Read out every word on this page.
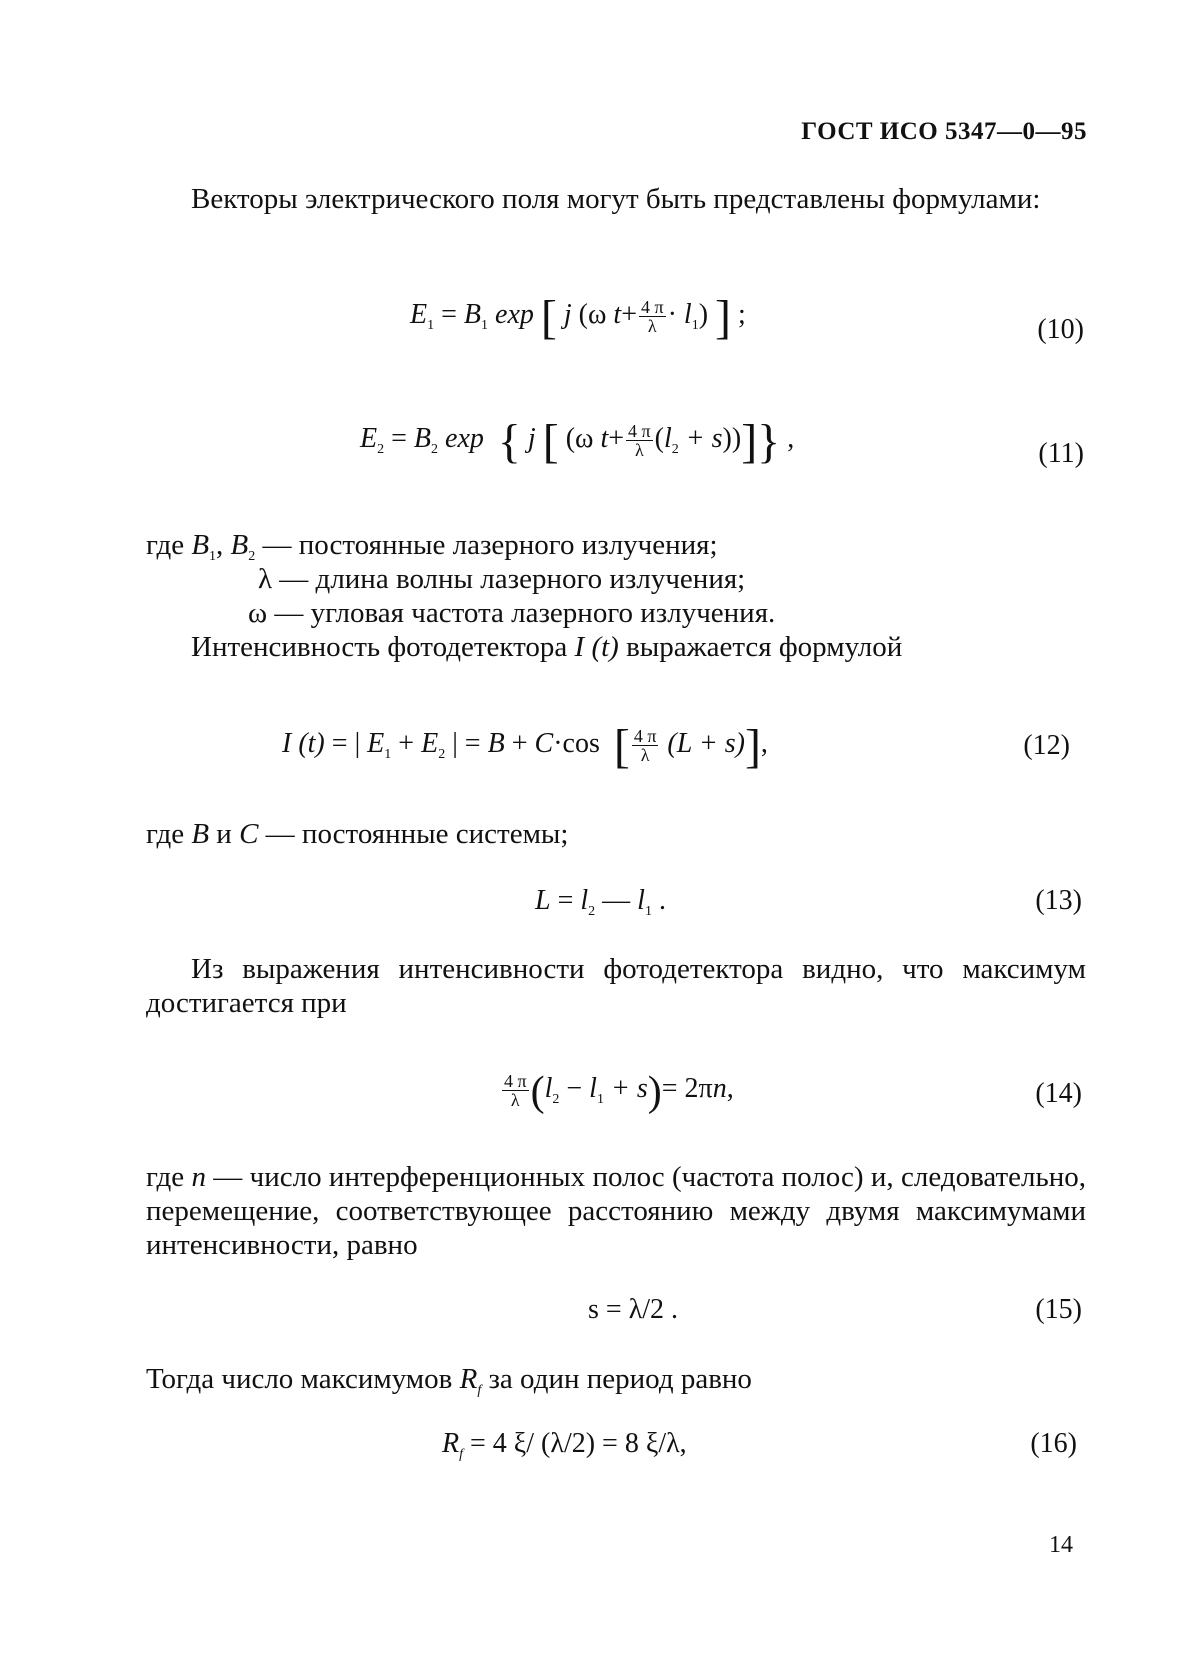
ГОСТ ИСО 5347—0—95
Векторы электрического поля могут быть представлены формулами:
$E_1 = B_1$ exp [ j (ω $t+ \frac{4 \pi}{\lambda} \cdot l_1$) ] ;	(10)
$E_2 = B_2$ exp { j [ (ω $t+ \frac{4 \pi}{\lambda} (l_2 + s)$)]} ,	(11)
где $B_1$, $B_2$ — постоянные лазерного излучения;
λ — длина волны лазерного излучения;
ω — угловая частота лазерного излучения.
Интенсивность фотодетектора I (t) выражается формулой
I (t) = | $E_1 + E_2$ | = B + C·cos [ $\frac{4 \pi}{\lambda} (L + s)$],	(12)
где B и C — постоянные системы;
$L = l_2$ — $l_1$ .	(13)
Из выражения интенсивности фотодетектора видно, что максимум достигается при
$\frac{4 \pi}{\lambda} (l_2 - l_1 + s)= 2\pi n$,	(14)
где n — число интерференционных полос (частота полос) и, следовательно, перемещение, соответствующее расстоянию между двумя максимумами интенсивности, равно
s = λ/2 .	(15)
Тогда число максимумов $R_f$ за один период равно
$R_f = 4$ ξ/ (λ/2) = 8 ξ/λ,	(16)
14
